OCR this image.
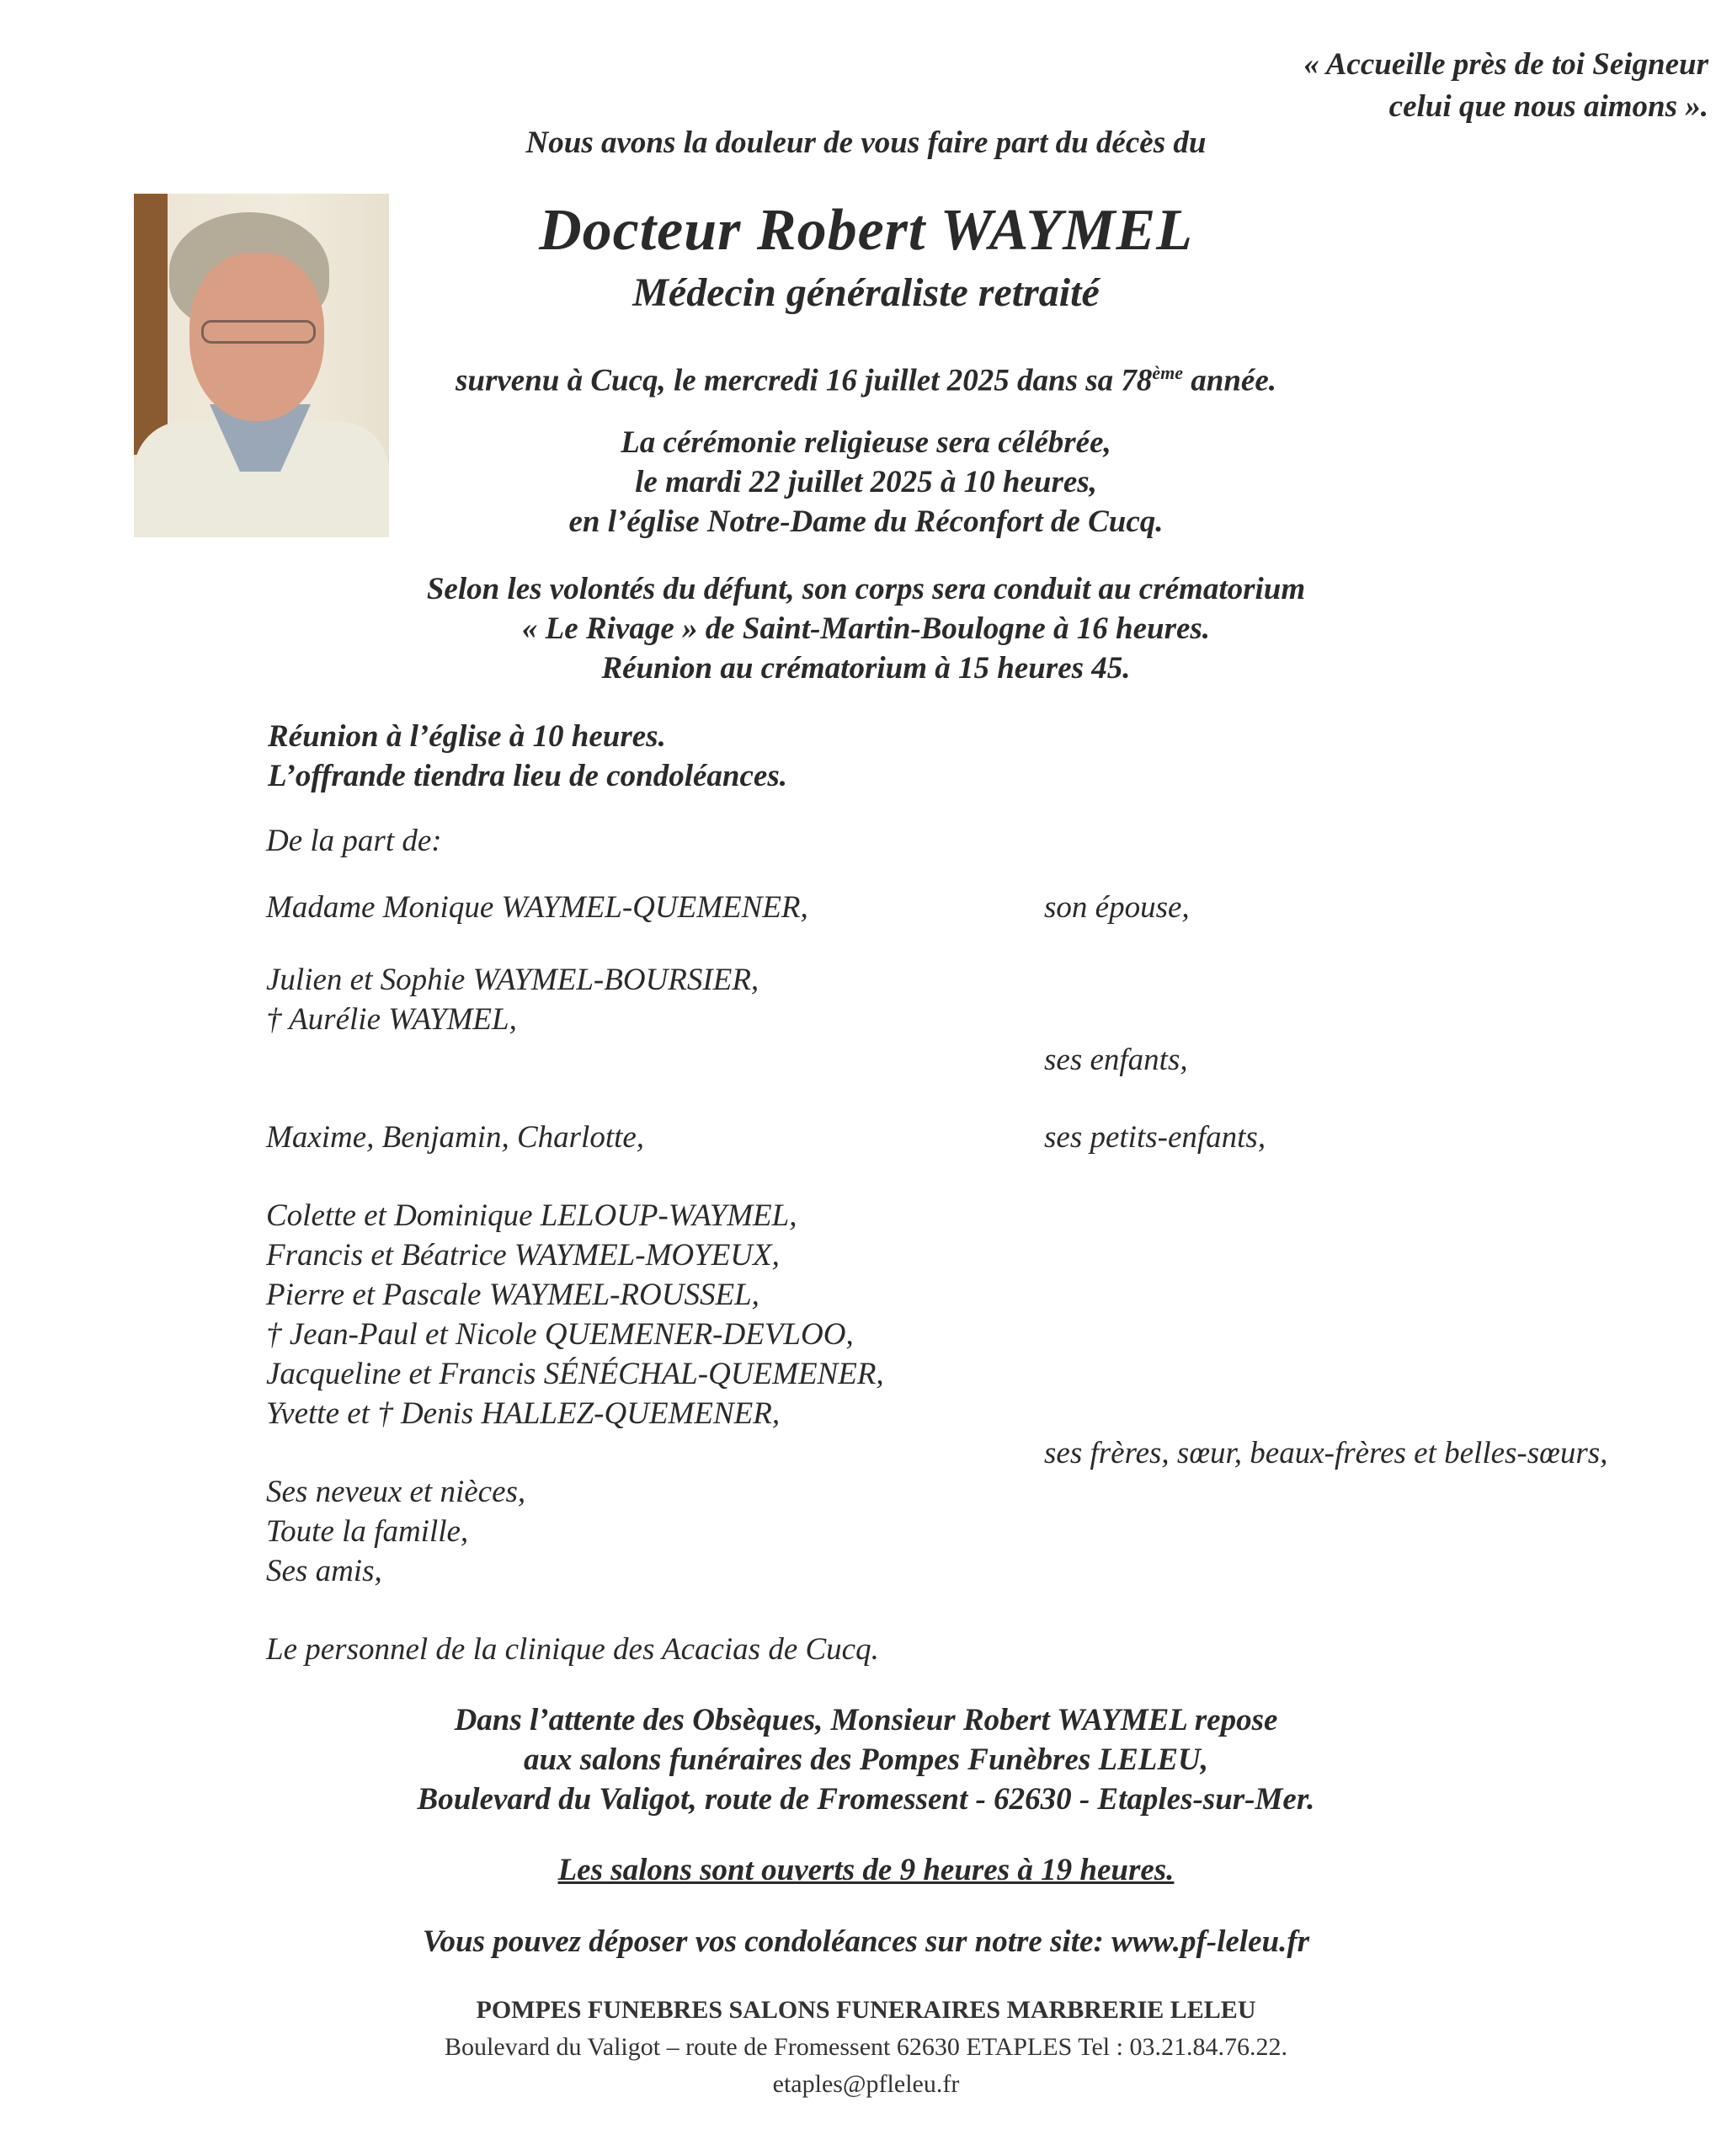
« Accueille près de toi Seigneur
celui que nous aimons ».
Nous avons la douleur de vous faire part du décès du
Docteur Robert WAYMEL
Médecin généraliste retraité
survenu à Cucq, le mercredi 16 juillet 2025 dans sa 78ème année.
La cérémonie religieuse sera célébrée,
le mardi 22 juillet 2025 à 10 heures,
en l’église Notre-Dame du Réconfort de Cucq.
Selon les volontés du défunt, son corps sera conduit au crématorium
« Le Rivage » de Saint-Martin-Boulogne à 16 heures.
Réunion au crématorium à 15 heures 45.
Réunion à l’église à 10 heures.
L’offrande tiendra lieu de condoléances.
De la part de:
Madame Monique WAYMEL-QUEMENER,	son épouse,
Julien et Sophie WAYMEL-BOURSIER,
† Aurélie WAYMEL,
ses enfants,
Maxime, Benjamin, Charlotte,	ses petits-enfants,
Colette et Dominique LELOUP-WAYMEL,
Francis et Béatrice WAYMEL-MOYEUX,
Pierre et Pascale WAYMEL-ROUSSEL,
† Jean-Paul et Nicole QUEMENER-DEVLOO,
Jacqueline et Francis SÉNÉCHAL-QUEMENER,
Yvette et † Denis HALLEZ-QUEMENER,
ses frères, sœur, beaux-frères et belles-sœurs,
Ses neveux et nièces,
Toute la famille,
Ses amis,
Le personnel de la clinique des Acacias de Cucq.
Dans l’attente des Obsèques, Monsieur Robert WAYMEL repose
aux salons funéraires des Pompes Funèbres LELEU,
Boulevard du Valigot, route de Fromessent - 62630 - Etaples-sur-Mer.
Les salons sont ouverts de 9 heures à 19 heures.
Vous pouvez déposer vos condoléances sur notre site: www.pf-leleu.fr
POMPES FUNEBRES SALONS FUNERAIRES MARBRERIE LELEU
Boulevard du Valigot – route de Fromessent 62630 ETAPLES Tel : 03.21.84.76.22.
etaples@pfleleu.fr
